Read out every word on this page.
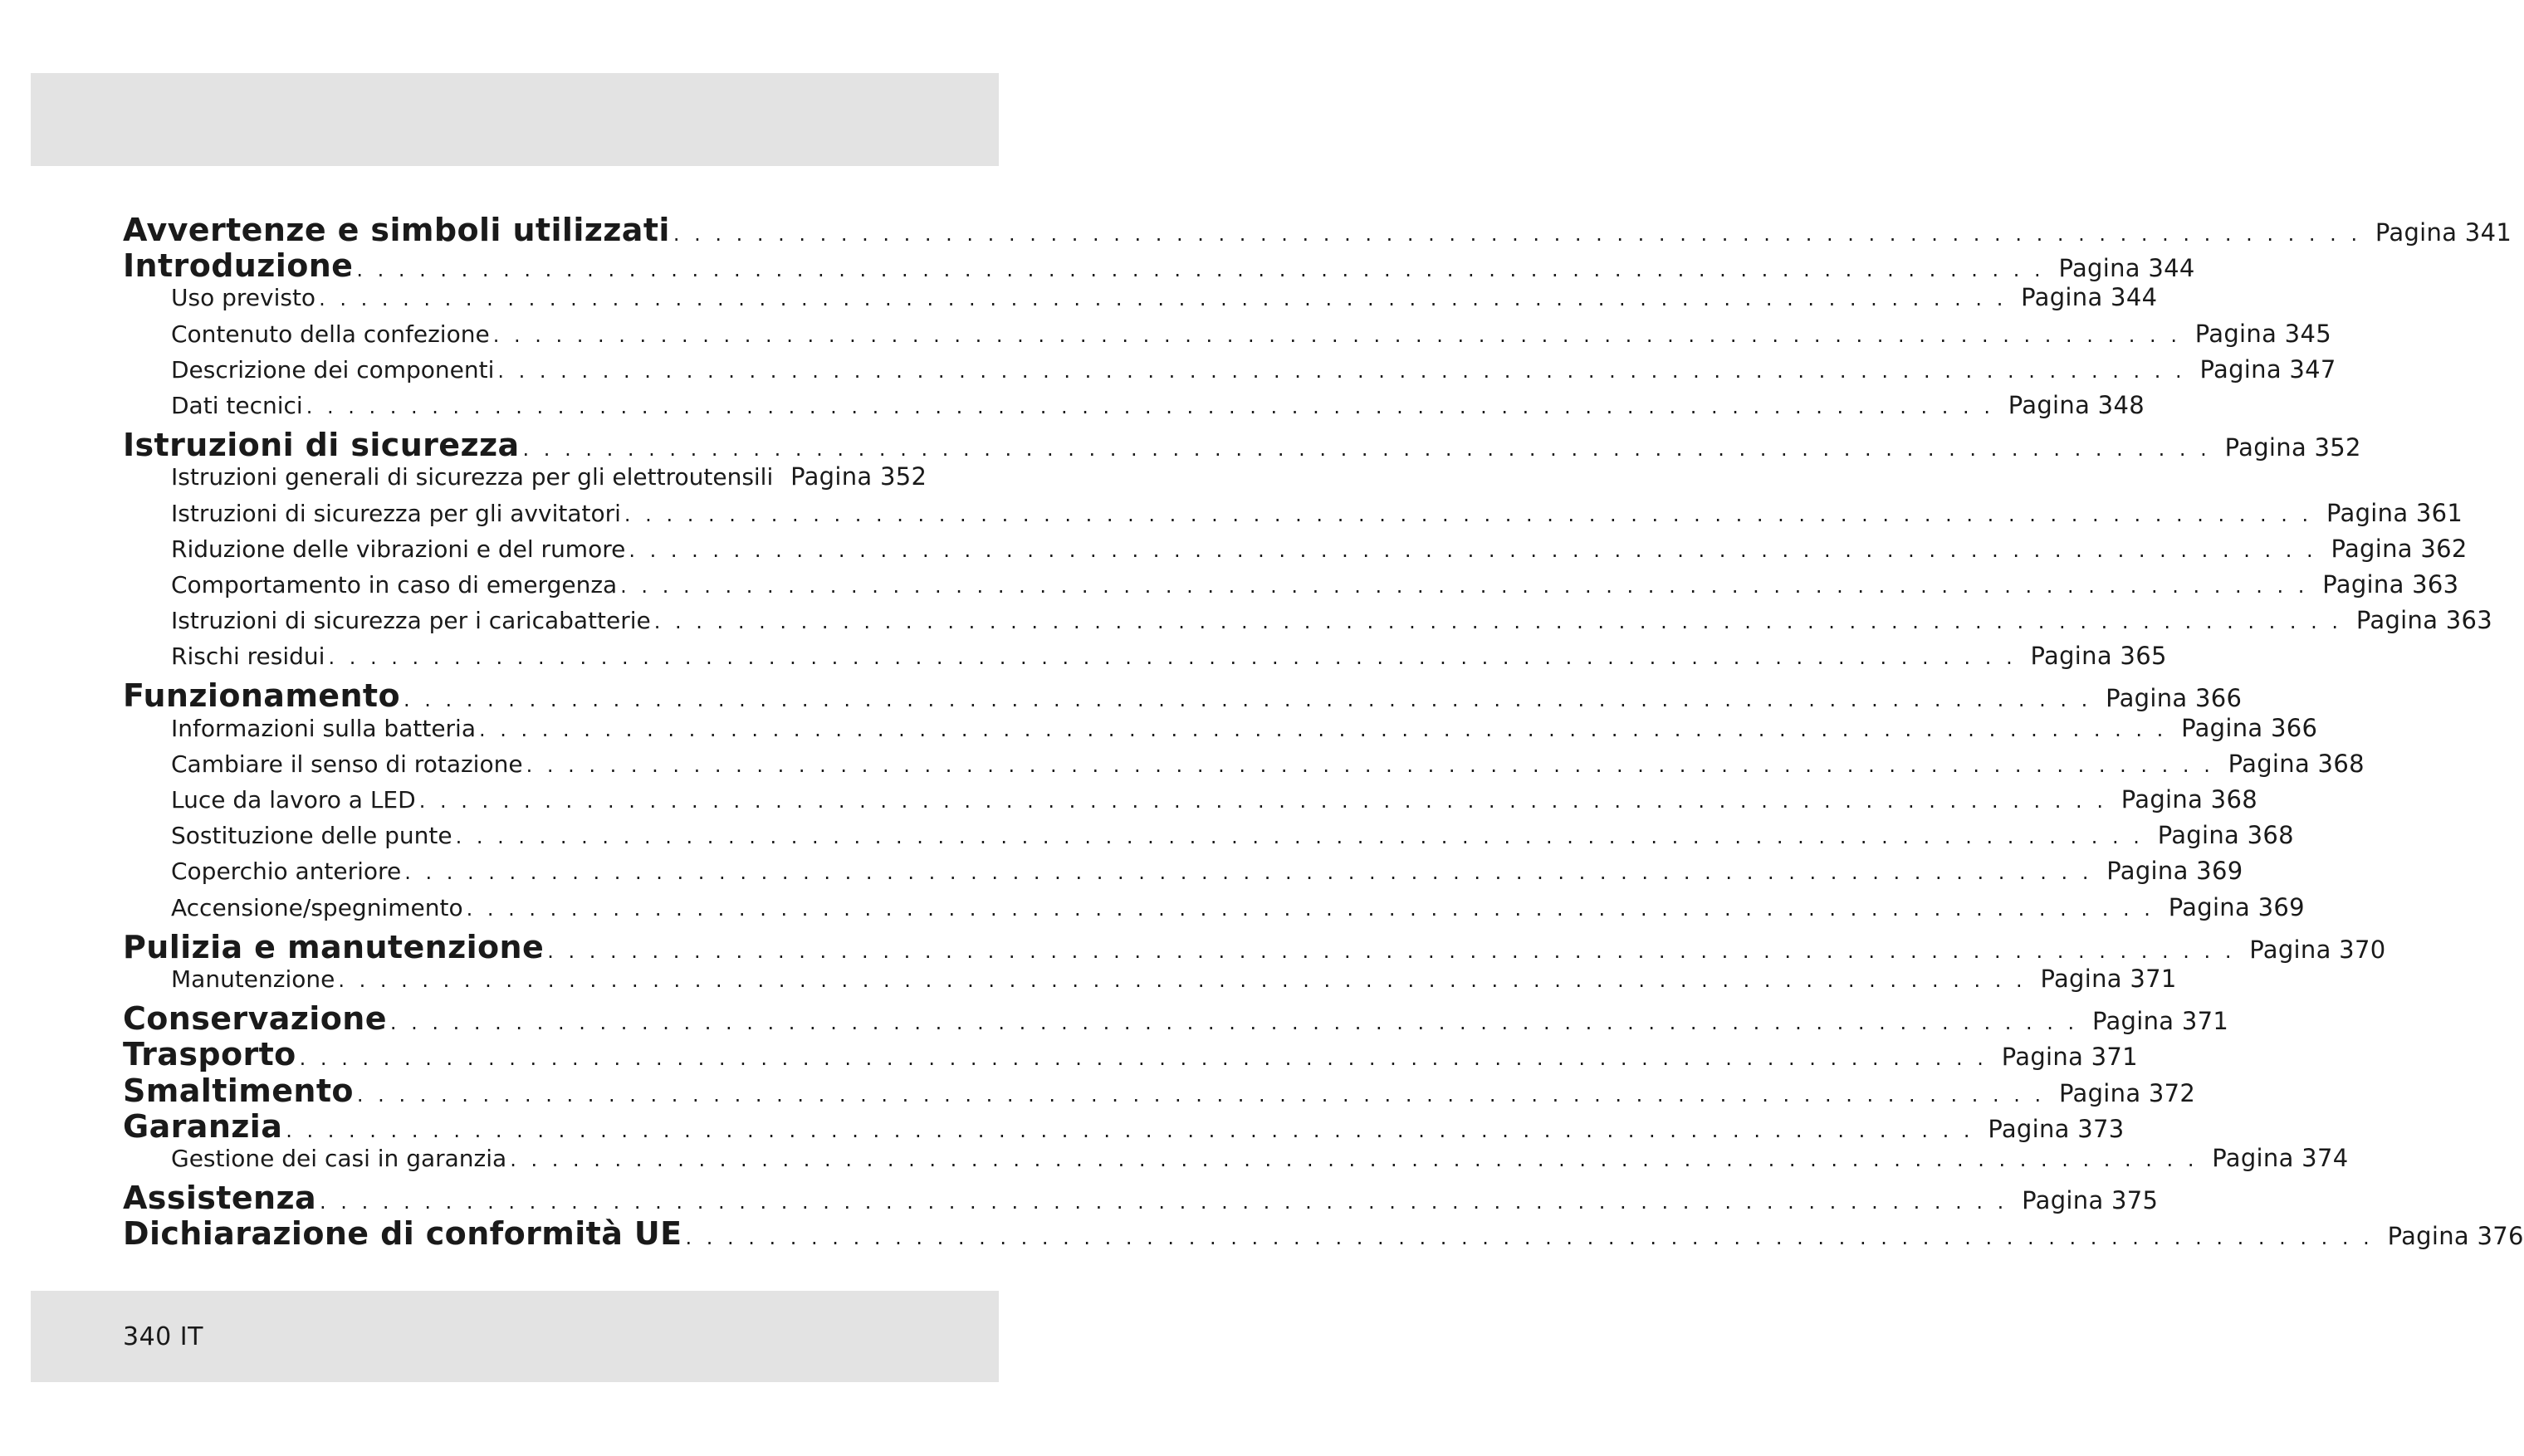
Avvertenze e simboli utilizzati . . .	Pagina 341
Introduzione . . .	Pagina 344
Uso previsto . . .	Pagina 344
Contenuto della confezione . . .	Pagina 345
Descrizione dei componenti . . .	Pagina 347
Dati tecnici . . .	Pagina 348
Istruzioni di sicurezza . . .	Pagina 352
Istruzioni generali di sicurezza per gli elettroutensili Pagina 352
Istruzioni di sicurezza per gli avvitatori . . .	Pagina 361
Riduzione delle vibrazioni e del rumore . . .	Pagina 362
Comportamento in caso di emergenza . . .	Pagina 363
Istruzioni di sicurezza per i caricabatterie . . .	Pagina 363
Rischi residui . . .	Pagina 365
Funzionamento . . .	Pagina 366
Informazioni sulla batteria . . .	Pagina 366
Cambiare il senso di rotazione . . .	Pagina 368
Luce da lavoro a LED . . .	Pagina 368
Sostituzione delle punte . . .	Pagina 368
Coperchio anteriore . . .	Pagina 369
Accensione/spegnimento . . .	Pagina 369
Pulizia e manutenzione . . .	Pagina 370
Manutenzione . . .	Pagina 371
Conservazione . . .	Pagina 371
Trasporto . . .	Pagina 371
Smaltimento . . .	Pagina 372
Garanzia . . .	Pagina 373
Gestione dei casi in garanzia . . .	Pagina 374
Assistenza . . .	Pagina 375
Dichiarazione di conformità UE . . .	Pagina 376
340 IT
